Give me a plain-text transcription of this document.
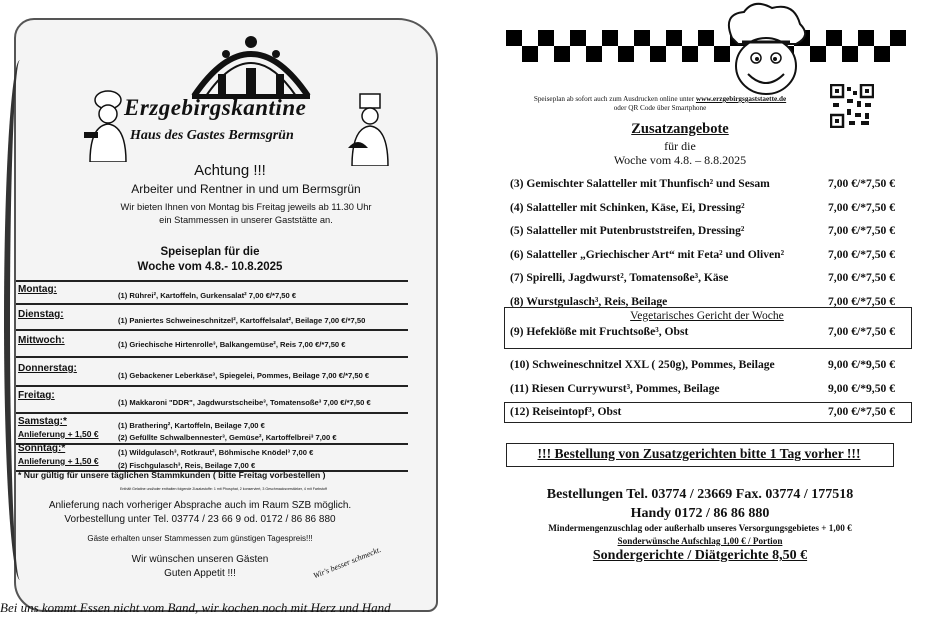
Erzgebirgskantine
Haus des Gastes Bermsgrün
Achtung !!!
Arbeiter und Rentner in und um Bermsgrün
Wir bieten Ihnen von Montag bis Freitag jeweils ab 11.30 Uhr
ein Stammessen in unserer Gaststätte an.
Speiseplan für die
Woche vom 4.8.- 10.8.2025
Montag:
(1) Rührei², Kartoffeln, Gurkensalat² 7,00 €/*7,50 €
Dienstag:
(1) Paniertes Schweineschnitzel², Kartoffelsalat², Beilage 7,00 €/*7,50
Mittwoch:	(1) Griechische Hirtenrolle³, Balkangemüse², Reis 7,00 €/*7,50 €
Donnerstag:
(1) Gebackener Leberkäse³, Spiegelei, Pommes, Beilage 7,00 €/*7,50 €
Freitag:
(1) Makkaroni "DDR", Jagdwurstscheibe³, Tomatensoße³ 7,00 €/*7,50 €
Samstag:*
Anlieferung + 1,50 €
(1) Brathering², Kartoffeln, Beilage 7,00 €
(2) Gefüllte Schwalbennester³, Gemüse², Kartoffelbrei³ 7,00 €
Sonntag:*
Anlieferung + 1,50 €
(1) Wildgulasch³, Rotkraut², Böhmische Knödel³ 7,00 €
(2) Fischgulasch³, Reis, Beilage 7,00 €
* Nur gültig für unsere täglichen Stammkunden ( bitte Freitag vorbestellen )
Enthält Gelatine und/oder enthalten folgende Zusatzstoffe: 1 mit Phosphat, 2 konserviert, 3 Geschmacksverstärker, 4 mit Farbstoff
Anlieferung nach vorheriger Absprache auch im Raum SZB möglich.
Vorbestellung unter Tel. 03774 / 23 66 9 od. 0172 / 86 86 880
Gäste erhalten unser Stammessen zum günstigen Tagespreis!!!
Wir wünschen unseren Gästen
Guten Appetit !!!	Wir's besser schmeckt.
Bei uns kommt Essen nicht vom Band, wir kochen noch mit Herz und Hand
Speiseplan ab sofort auch zum Ausdrucken online unter www.erzgebirgsgaststaette.de
oder QR Code über Smartphone
Zusatzangebote
für die
Woche vom 4.8. – 8.8.2025
(3) Gemischter Salatteller mit Thunfisch² und Sesam	7,00 €/*7,50 €
(4) Salatteller mit Schinken, Käse, Ei, Dressing²	7,00 €/*7,50 €
(5) Salatteller mit Putenbruststreifen, Dressing²	7,00 €/*7,50 €
(6) Salatteller „Griechischer Art“ mit Feta² und Oliven²	7,00 €/*7,50 €
(7) Spirelli, Jagdwurst², Tomatensoße³, Käse	7,00 €/*7,50 €
(8) Wurstgulasch³, Reis, Beilage	7,00 €/*7,50 €
Vegetarisches Gericht der Woche
(9) Hefeklöße mit Fruchtsoße³, Obst	7,00 €/*7,50 €
(10) Schweineschnitzel XXL ( 250g), Pommes, Beilage	9,00 €/*9,50 €
(11) Riesen Currywurst³, Pommes, Beilage	9,00 €/*9,50 €
(12) Reiseintopf³, Obst	7,00 €/*7,50 €
!!! Bestellung von Zusatzgerichten bitte 1 Tag vorher !!!
Bestellungen Tel. 03774 / 23669 Fax. 03774 / 177518
Handy 0172 / 86 86 880
Mindermengenzuschlag oder außerhalb unseres Versorgungsgebietes + 1,00 €
Sonderwünsche Aufschlag 1,00 € / Portion
Sondergerichte / Diätgerichte 8,50 €
